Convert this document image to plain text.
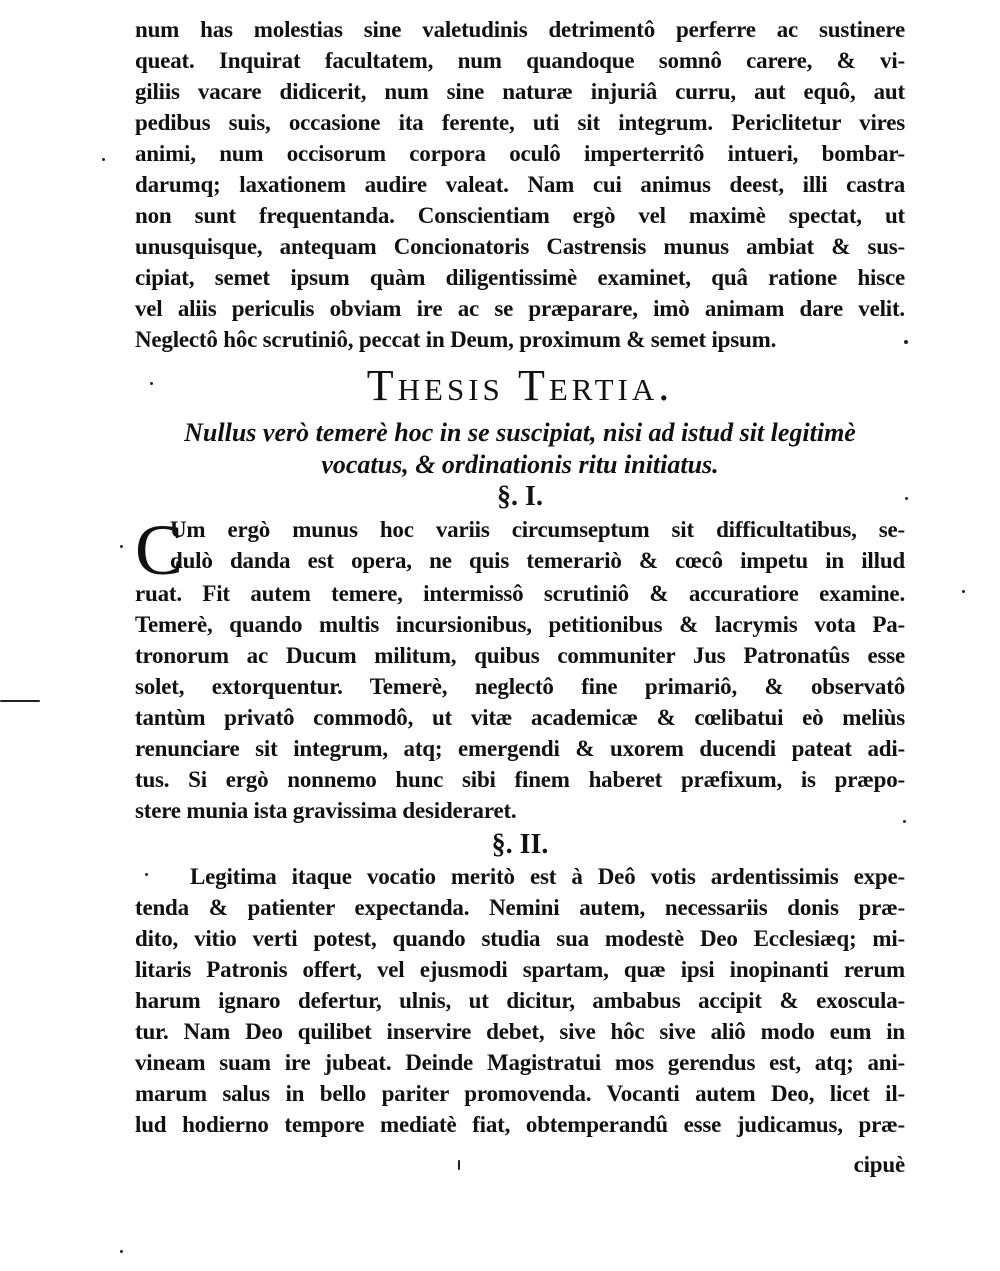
num has molestias sine valetudinis detrimentô perferre ac sustinere
queat. Inquirat facultatem, num quandoque somnô carere, & vi-
giliis vacare didicerit, num sine naturæ injuriâ curru, aut equô, aut
pedibus suis, occasione ita ferente, uti sit integrum. Periclitetur vires
animi, num occisorum corpora oculô imperterritô intueri, bombar-
darumq; laxationem audire valeat. Nam cui animus deest, illi castra
non sunt frequentanda. Conscientiam ergò vel maximè spectat, ut
unusquisque, antequam Concionatoris Castrensis munus ambiat & sus-
cipiat, semet ipsum quàm diligentissimè examinet, quâ ratione hisce
vel aliis periculis obviam ire ac se præparare, imò animam dare velit.
Neglectô hôc scrutiniô, peccat in Deum, proximum & semet ipsum.
Thesis Tertia.
Nullus verò temerè hoc in se suscipiat, nisi ad istud sit legitimè
vocatus, & ordinationis ritu initiatus.
§. I.
C
Um ergò munus hoc variis circumseptum sit difficultatibus, se-
dulò danda est opera, ne quis temerariò & cœcô impetu in illud
ruat. Fit autem temere, intermissô scrutiniô & accuratiore examine.
Temerè, quando multis incursionibus, petitionibus & lacrymis vota Pa-
tronorum ac Ducum militum, quibus communiter Jus Patronatûs esse
solet, extorquentur. Temerè, neglectô fine primariô, & observatô
tantùm privatô commodô, ut vitæ academicæ & cœlibatui eò meliùs
renunciare sit integrum, atq; emergendi & uxorem ducendi pateat adi-
tus. Si ergò nonnemo hunc sibi finem haberet præfixum, is præpo-
stere munia ista gravissima desideraret.
§. II.
Legitima itaque vocatio meritò est à Deô votis ardentissimis expe-
tenda & patienter expectanda. Nemini autem, necessariis donis præ-
dito, vitio verti potest, quando studia sua modestè Deo Ecclesiæq; mi-
litaris Patronis offert, vel ejusmodi spartam, quæ ipsi inopinanti rerum
harum ignaro defertur, ulnis, ut dicitur, ambabus accipit & exoscula-
tur. Nam Deo quilibet inservire debet, sive hôc sive aliô modo eum in
vineam suam ire jubeat. Deinde Magistratui mos gerendus est, atq; ani-
marum salus in bello pariter promovenda. Vocanti autem Deo, licet il-
lud hodierno tempore mediatè fiat, obtemperandû esse judicamus, præ-
cipuè
